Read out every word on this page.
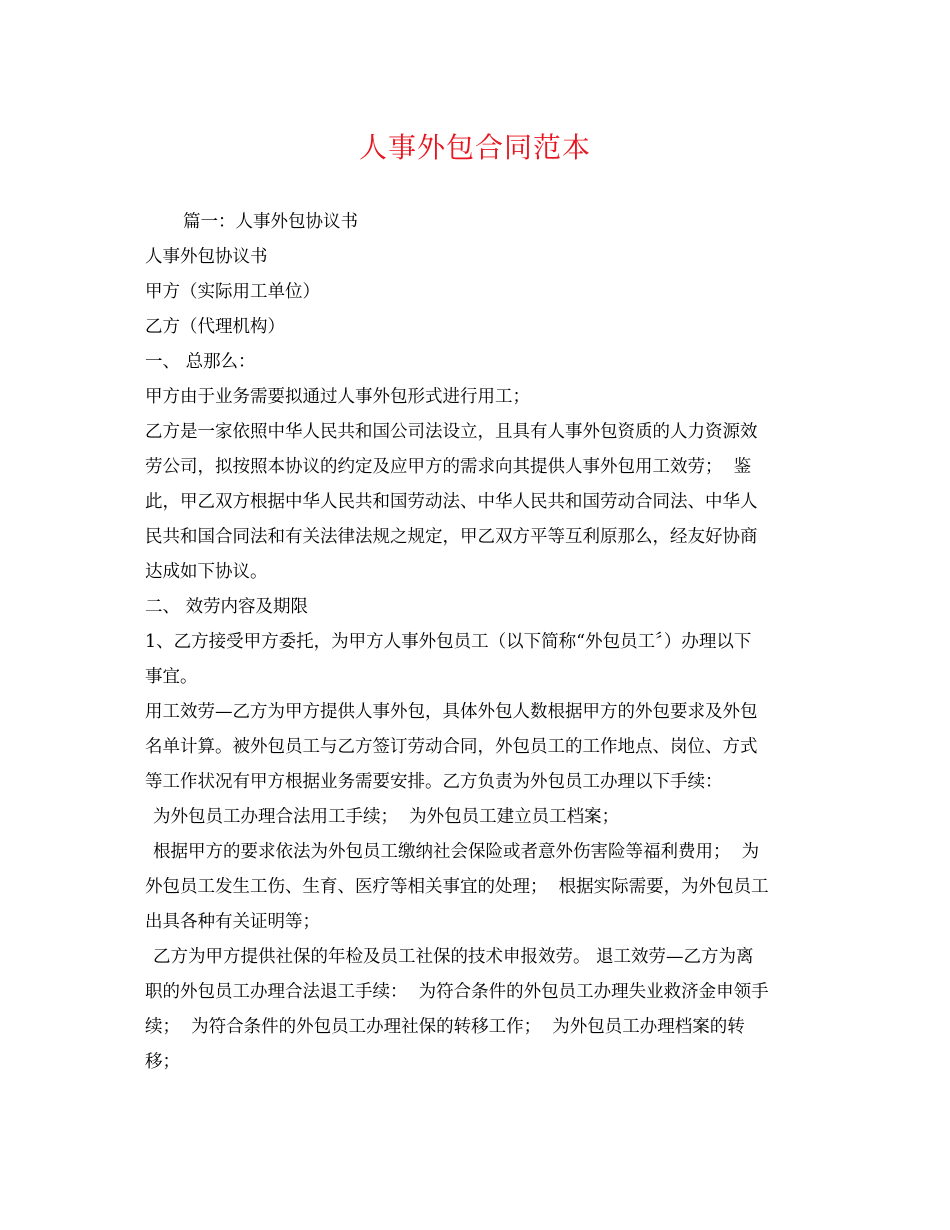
人事外包合同范本
篇一：人事外包协议书
人事外包协议书
甲方（实际用工单位）
乙方（代理机构）
一、 总那么：
甲方由于业务需要拟通过人事外包形式进行用工；
乙方是一家依照中华人民共和国公司法设立，且具有人事外包资质的人力资源效
劳公司，拟按照本协议的约定及应甲方的需求向其提供人事外包用工效劳；  鉴
此，甲乙双方根据中华人民共和国劳动法、中华人民共和国劳动合同法、中华人
民共和国合同法和有关法律法规之规定，甲乙双方平等互利原那么，经友好协商
达成如下协议。
二、 效劳内容及期限
1、乙方接受甲方委托，为甲方人事外包员工（以下简称“外包员工〞）办理以下
事宜。
用工效劳—乙方为甲方提供人事外包，具体外包人数根据甲方的外包要求及外包
名单计算。被外包员工与乙方签订劳动合同，外包员工的工作地点、岗位、方式
等工作状况有甲方根据业务需要安排。乙方负责为外包员工办理以下手续：
为外包员工办理合法用工手续；  为外包员工建立员工档案；
根据甲方的要求依法为外包员工缴纳社会保险或者意外伤害险等福利费用；  为
外包员工发生工伤、生育、医疗等相关事宜的处理；  根据实际需要，为外包员工
出具各种有关证明等；
乙方为甲方提供社保的年检及员工社保的技术申报效劳。 退工效劳—乙方为离
职的外包员工办理合法退工手续：  为符合条件的外包员工办理失业救济金申领手
续；  为符合条件的外包员工办理社保的转移工作；  为外包员工办理档案的转
移；
